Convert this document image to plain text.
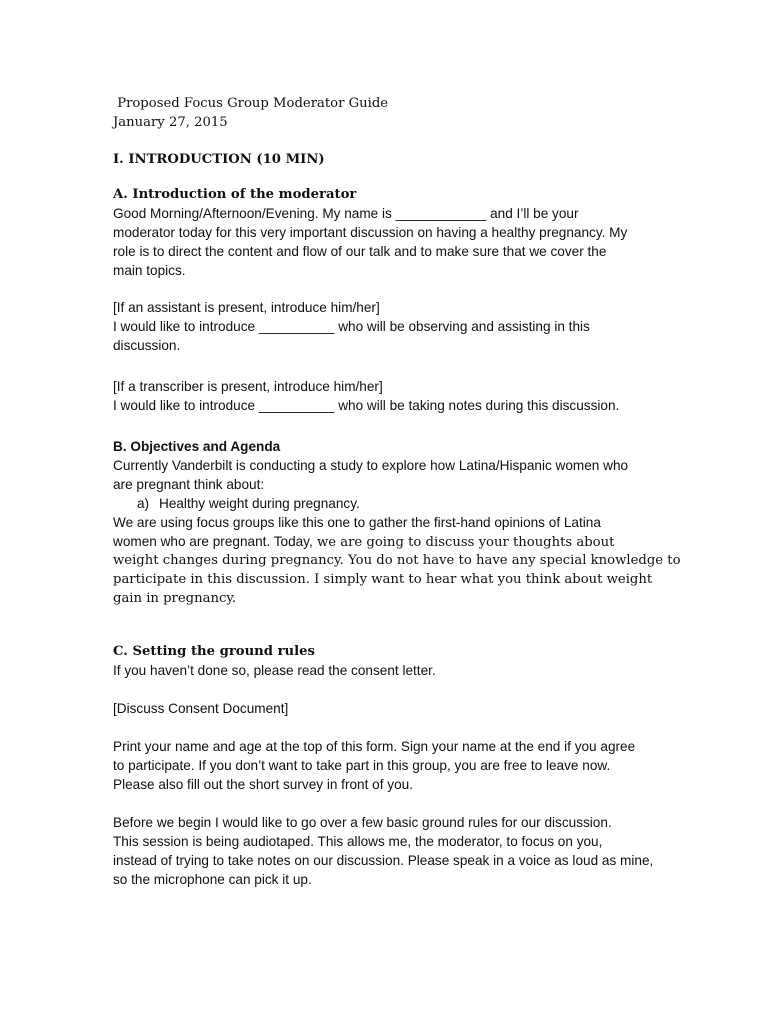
Proposed Focus Group Moderator Guide
January 27, 2015
I. INTRODUCTION (10 MIN)
A. Introduction of the moderator
Good Morning/Afternoon/Evening. My name is ____________ and I’ll be your
moderator today for this very important discussion on having a healthy pregnancy. My
role is to direct the content and flow of our talk and to make sure that we cover the
main topics.
[If an assistant is present, introduce him/her]
I would like to introduce __________ who will be observing and assisting in this
discussion.
[If a transcriber is present, introduce him/her]
I would like to introduce __________ who will be taking notes during this discussion.
B. Objectives and Agenda
Currently Vanderbilt is conducting a study to explore how Latina/Hispanic women who
are pregnant think about:
a) Healthy weight during pregnancy.
We are using focus groups like this one to gather the first-hand opinions of Latina
women who are pregnant. Today, we are going to discuss your thoughts about
weight changes during pregnancy. You do not have to have any special knowledge to
participate in this discussion. I simply want to hear what you think about weight
gain in pregnancy.
C. Setting the ground rules
If you haven’t done so, please read the consent letter.
[Discuss Consent Document]
Print your name and age at the top of this form. Sign your name at the end if you agree
to participate. If you don’t want to take part in this group, you are free to leave now.
Please also fill out the short survey in front of you.
Before we begin I would like to go over a few basic ground rules for our discussion.
This session is being audiotaped. This allows me, the moderator, to focus on you,
instead of trying to take notes on our discussion. Please speak in a voice as loud as mine,
so the microphone can pick it up.
